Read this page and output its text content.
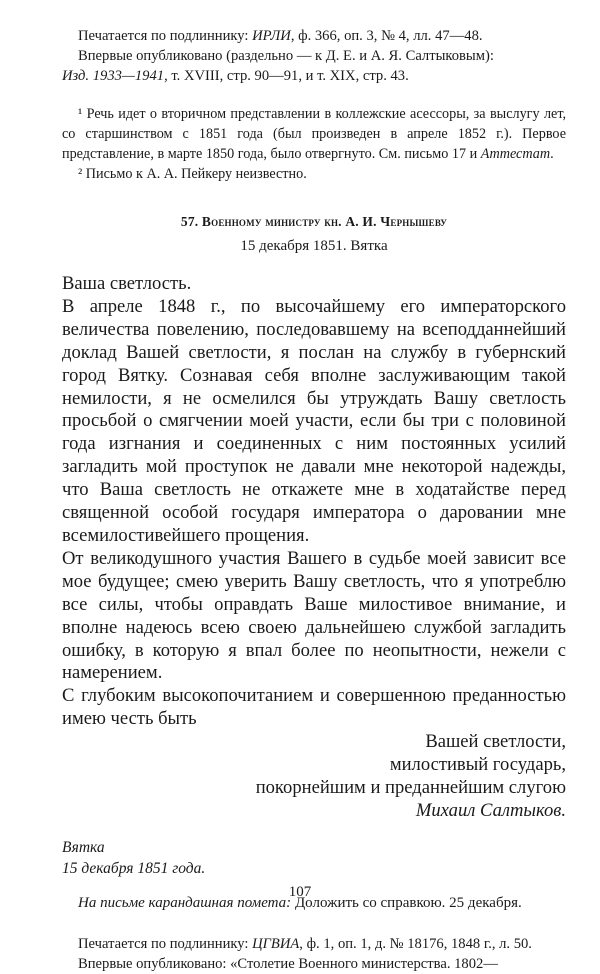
Печатается по подлиннику: ИРЛИ, ф. 366, оп. 3, № 4, лл. 47—48.

Впервые опубликовано (раздельно — к Д. Е. и А. Я. Салтыковым):

Изд. 1933—1941, т. XVIII, стр. 90—91, и т. XIX, стр. 43.

¹ Речь идет о вторичном представлении в коллежские асессоры, за выслугу лет, со старшинством с 1851 года (был произведен в апреле 1852 г.). Первое представление, в марте 1850 года, было отвергнуто. См. письмо 17 и Аттестат.

² Письмо к А. А. Пейкеру неизвестно.

57. Военному министру кн. А. И. Чернышеву
15 декабря 1851. Вятка

Ваша светлость.

В апреле 1848 г., по высочайшему его императорского величества повелению, последовавшему на всеподданнейший доклад Вашей светлости, я послан на службу в губернский город Вятку. Сознавая себя вполне заслуживающим такой немилости, я не осмелился бы утруждать Вашу светлость просьбой о смягчении моей участи, если бы три с половиной года изгнания и соединенных с ним постоянных усилий загладить мой проступок не давали мне некоторой надежды, что Ваша светлость не откажете мне в ходатайстве перед священной особой государя императора о даровании мне всемилостивейшего прощения.

От великодушного участия Вашего в судьбе моей зависит все мое будущее; смею уверить Вашу светлость, что я употреблю все силы, чтобы оправдать Ваше милостивое внимание, и вполне надеюсь всею своею дальнейшею службой загладить ошибку, в которую я впал более по неопытности, нежели с намерением.

С глубоким высокопочитанием и совершенною преданностью имею честь быть

Вашей светлости,
милостивый государь,
покорнейшим и преданнейшим слугою
Михаил Салтыков.
Вятка
15 декабря 1851 года.
На письме карандашная помета: Доложить со справкою. 25 декабря.

Печатается по подлиннику: ЦГВИА, ф. 1, оп. 1, д. № 18176, 1848 г., л. 50.

Впервые опубликовано: «Столетие Военного министерства. 1802—

107
